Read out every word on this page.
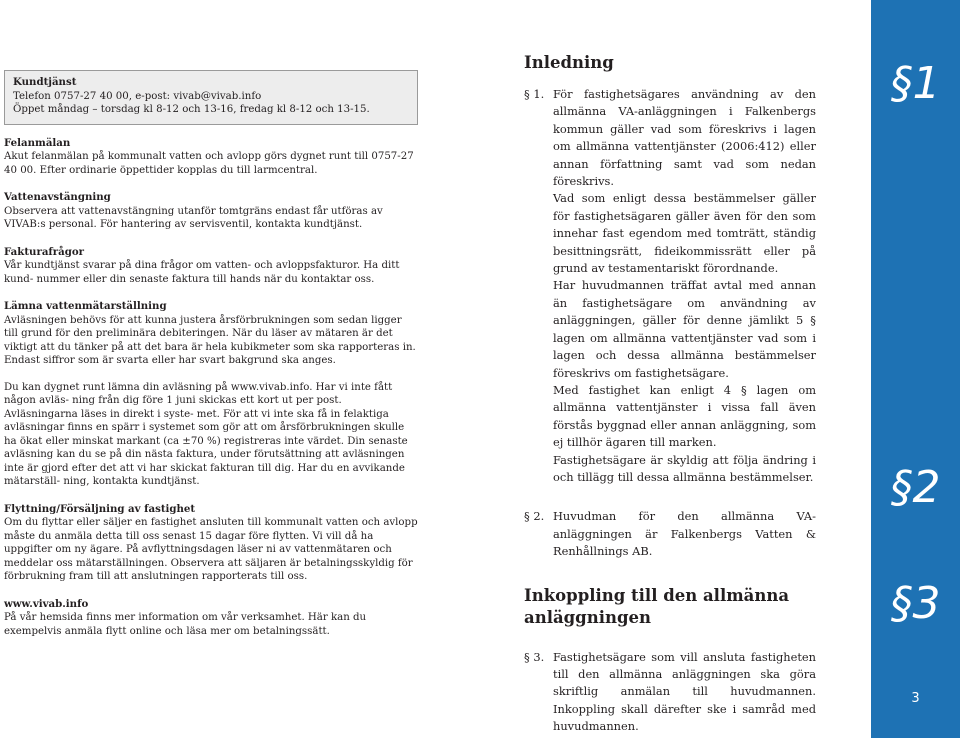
Kundtjänst
Telefon 0757-27 40 00, e-post: vivab@vivab.info
Öppet måndag – torsdag kl 8-12 och 13-16, fredag kl 8-12 och 13-15.
Felanmälan

Akut felanmälan på kommunalt vatten och avlopp görs dygnet runt till 0757-27 40 00. Efter ordinarie öppettider kopplas du till larmcentral.

Vattenavstängning

Observera att vattenavstängning utanför tomtgräns endast får utföras av VIVAB:s personal. För hantering av servisventil, kontakta kundtjänst.

Fakturafrågor

Vår kundtjänst svarar på dina frågor om vatten- och avloppsfakturor. Ha ditt kund- nummer eller din senaste faktura till hands när du kontaktar oss.

Lämna vattenmätarställning

Avläsningen behövs för att kunna justera årsförbrukningen som sedan ligger till grund för den preliminära debiteringen. När du läser av mätaren är det viktigt att du tänker på att det bara är hela kubikmeter som ska rapporteras in. Endast siffror som är svarta eller har svart bakgrund ska anges.

Du kan dygnet runt lämna din avläsning på www.vivab.info. Har vi inte fått någon avläs- ning från dig före 1 juni skickas ett kort ut per post. Avläsningarna läses in direkt i syste- met. För att vi inte ska få in felaktiga avläsningar finns en spärr i systemet som gör att om årsförbrukningen skulle ha ökat eller minskat markant (ca ±70 %) registreras inte värdet. Din senaste avläsning kan du se på din nästa faktura, under förutsättning att avläsningen inte är gjord efter det att vi har skickat fakturan till dig. Har du en avvikande mätarställ- ning, kontakta kundtjänst.

Flyttning/Försäljning av fastighet

Om du flyttar eller säljer en fastighet ansluten till kommunalt vatten och avlopp måste du anmäla detta till oss senast 15 dagar före flytten. Vi vill då ha uppgifter om ny ägare. På avflyttningsdagen läser ni av vattenmätaren och meddelar oss mätarställningen. Observera att säljaren är betalningsskyldig för förbrukning fram till att anslutningen rapporterats till oss.

www.vivab.info

På vår hemsida finns mer information om vår verksamhet. Här kan du exempelvis anmäla flytt online och läsa mer om betalningssätt.

Inledning
§ 1. För fastighetsägares användning av den allmänna VA-anläggningen i Falkenbergs kommun gäller vad som föreskrivs i lagen om allmänna vattentjänster (2006:412) eller annan författning samt vad som nedan föreskrivs.

Vad som enligt dessa bestämmelser gäller för fastighetsägaren gäller även för den som innehar fast egendom med tomträtt, ständig besittningsrätt, fideikommissrätt eller på grund av testamentariskt förordnande.

Har huvudmannen träffat avtal med annan än fastighetsägare om användning av anläggningen, gäller för denne jämlikt 5 § lagen om allmänna vattentjänster vad som i lagen och dessa allmänna bestämmelser föreskrivs om fastighetsägare.

Med fastighet kan enligt 4 § lagen om allmänna vattentjänster i vissa fall även förstås byggnad eller annan anläggning, som ej tillhör ägaren till marken.

Fastighetsägare är skyldig att följa ändring i och tillägg till dessa allmänna bestämmelser.

§ 2. Huvudman för den allmänna VA-anläggningen är Falkenbergs Vatten & Renhållnings AB.

Inkoppling till den allmänna anläggningen
§ 3. Fastighetsägare som vill ansluta fastigheten till den allmänna anläggningen ska göra skriftlig anmälan till huvudmannen. Inkoppling skall därefter ske i samråd med huvudmannen.

§1
§2
§3
3
